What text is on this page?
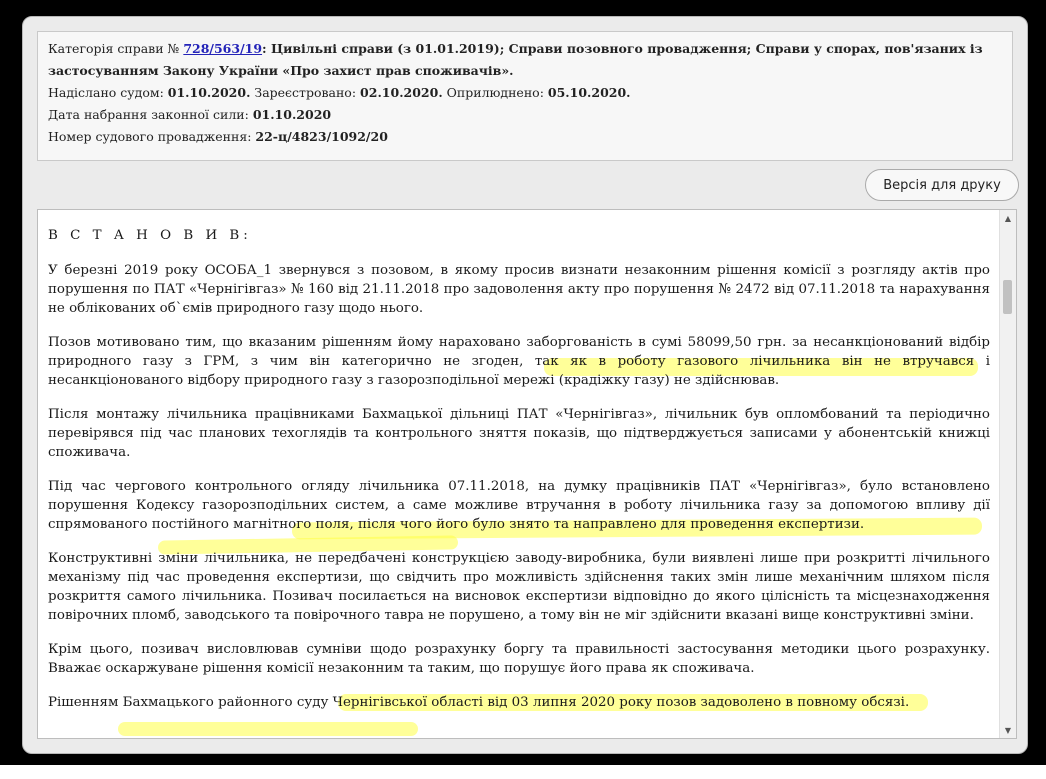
Категорія справи № 728/563/19: Цивільні справи (з 01.01.2019); Справи позовного провадження; Справи у спорах, пов'язаних із застосуванням Закону України «Про захист прав споживачів».
Надіслано судом: 01.10.2020. Зареєстровано: 02.10.2020. Оприлюднено: 05.10.2020.
Дата набрання законної сили: 01.10.2020
Номер судового провадження: 22-ц/4823/1092/20
Версія для друку

В С Т А Н О В И В:

У березні 2019 року ОСОБА_1 звернувся з позовом, в якому просив визнати незаконним рішення комісії з розгляду актів про порушення по ПАТ «Чернігівгаз» № 160 від 21.11.2018 про задоволення акту про порушення № 2472 від 07.11.2018 та нарахування не облікованих об`ємів природного газу щодо нього.

Позов мотивовано тим, що вказаним рішенням йому нараховано заборгованість в сумі 58099,50 грн. за несанкціонований відбір природного газу з ГРМ, з чим він категорично не згоден, так як в роботу газового лічильника він не втручався і несанкціонованого відбору природного газу з газорозподільної мережі (крадіжку газу) не здійснював.

Після монтажу лічильника працівниками Бахмацької дільниці ПАТ «Чернігівгаз», лічильник був опломбований та періодично перевірявся під час планових техоглядів та контрольного зняття показів, що підтверджується записами у абонентській книжці споживача.

Під час чергового контрольного огляду лічильника 07.11.2018, на думку працівників ПАТ «Чернігівгаз», було встановлено порушення Кодексу газорозподільних систем, а саме можливе втручання в роботу лічильника газу за допомогою впливу дії спрямованого постійного магнітного поля, після чого його було знято та направлено для проведення експертизи.

Конструктивні зміни лічильника, не передбачені конструкцією заводу-виробника, були виявлені лише при розкритті лічильного механізму під час проведення експертизи, що свідчить про можливість здійснення таких змін лише механічним шляхом після розкриття самого лічильника. Позивач посилається на висновок експертизи відповідно до якого цілісність та місцезнаходження повірочних пломб, заводського та повірочного тавра не порушено, а тому він не міг здійснити вказані вище конструктивні зміни.

Крім цього, позивач висловлював сумніви щодо розрахунку боргу та правильності застосування методики цього розрахунку. Вважає оскаржуване рішення комісії незаконним та таким, що порушує його права як споживача.

Рішенням Бахмацького районного суду Чернігівської області від 03 липня 2020 року позов задоволено в повному обсязі.

▲
▼
